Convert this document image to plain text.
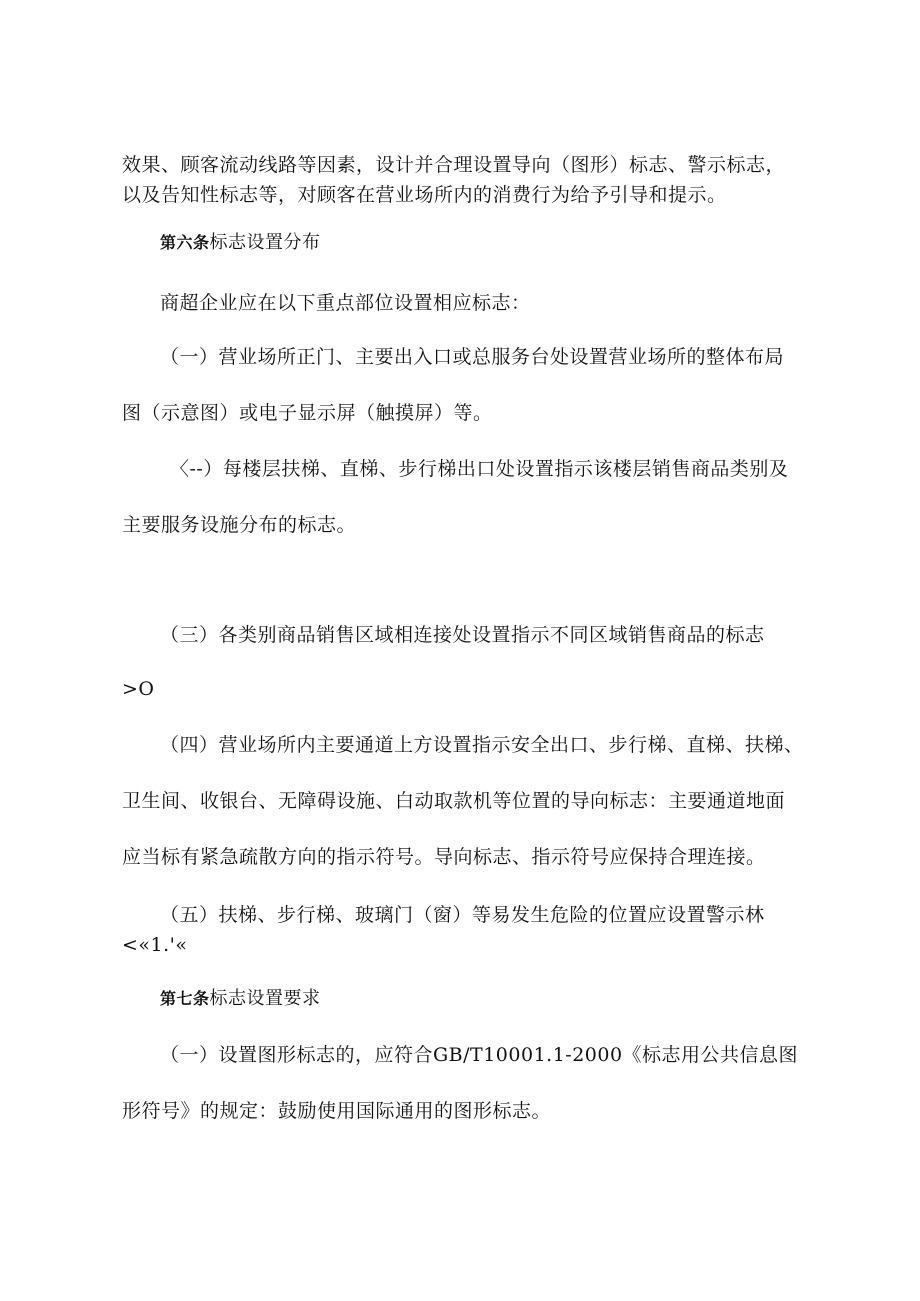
效果、顾客流动线路等因素，设计并合理设置导向（图形）标志、警示标志，
以及告知性标志等，对顾客在营业场所内的消费行为给予引导和提示。
第六条标志设置分布
商超企业应在以下重点部位设置相应标志：
（一）营业场所正门、主要出入口或总服务台处设置营业场所的整体布局
图（示意图）或电子显示屏（触摸屏）等。
〈--）每楼层扶梯、直梯、步行梯出口处设置指示该楼层销售商品类别及
主要服务设施分布的标志。
（三）各类别商品销售区域相连接处设置指示不同区域销售商品的标志
>O
（四）营业场所内主要通道上方设置指示安全出口、步行梯、直梯、扶梯、
卫生间、收银台、无障碍设施、白动取款机等位置的导向标志：主要通道地面
应当标有紧急疏散方向的指示符号。导向标志、指示符号应保持合理连接。
（五）扶梯、步行梯、玻璃门（窗）等易发生危险的位置应设置警示林
<«1.'«
第七条标志设置要求
（一）设置图形标志的，应符合GB/T10001.1-2000《标志用公共信息图
形符号》的规定：鼓励使用国际通用的图形标志。
